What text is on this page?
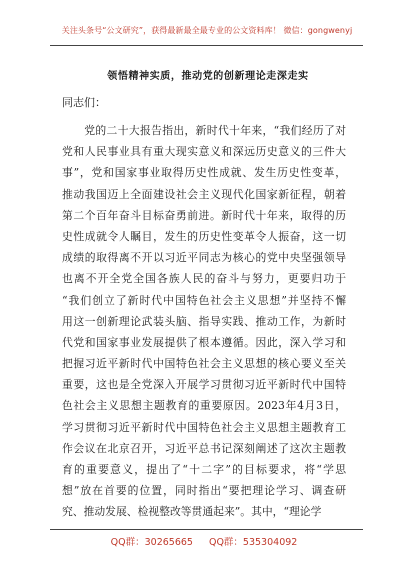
关注头条号“公文研究”，获得最新最全最专业的公文资料库！ 微信：gongwenyj
领悟精神实质，推动党的创新理论走深走实
同志们：
　　党的二十大报告指出，新时代十年来，“我们经历了对
党和人民事业具有重大现实意义和深远历史意义的三件大
事”，党和国家事业取得历史性成就、发生历史性变革，
推动我国迈上全面建设社会主义现代化国家新征程，朝着
第二个百年奋斗目标奋勇前进。新时代十年来，取得的历
史性成就令人瞩目，发生的历史性变革令人振奋，这一切
成绩的取得离不开以习近平同志为核心的党中央坚强领导
也离不开全党全国各族人民的奋斗与努力，更要归功于
“我们创立了新时代中国特色社会主义思想”并坚持不懈
用这一创新理论武装头脑、指导实践、推动工作，为新时
代党和国家事业发展提供了根本遵循。因此，深入学习和
把握习近平新时代中国特色社会主义思想的核心要义至关
重要，这也是全党深入开展学习贯彻习近平新时代中国特
色社会主义思想主题教育的重要原因。2023年4月3日，
学习贯彻习近平新时代中国特色社会主义思想主题教育工
作会议在北京召开，习近平总书记深刻阐述了这次主题教
育的重要意义，提出了“十二字”的目标要求，将“学思
想”放在首要的位置，同时指出“要把理论学习、调查研
究、推动发展、检视整改等贯通起来”。其中，“理论学
QQ群：30265665 QQ群：535304092
